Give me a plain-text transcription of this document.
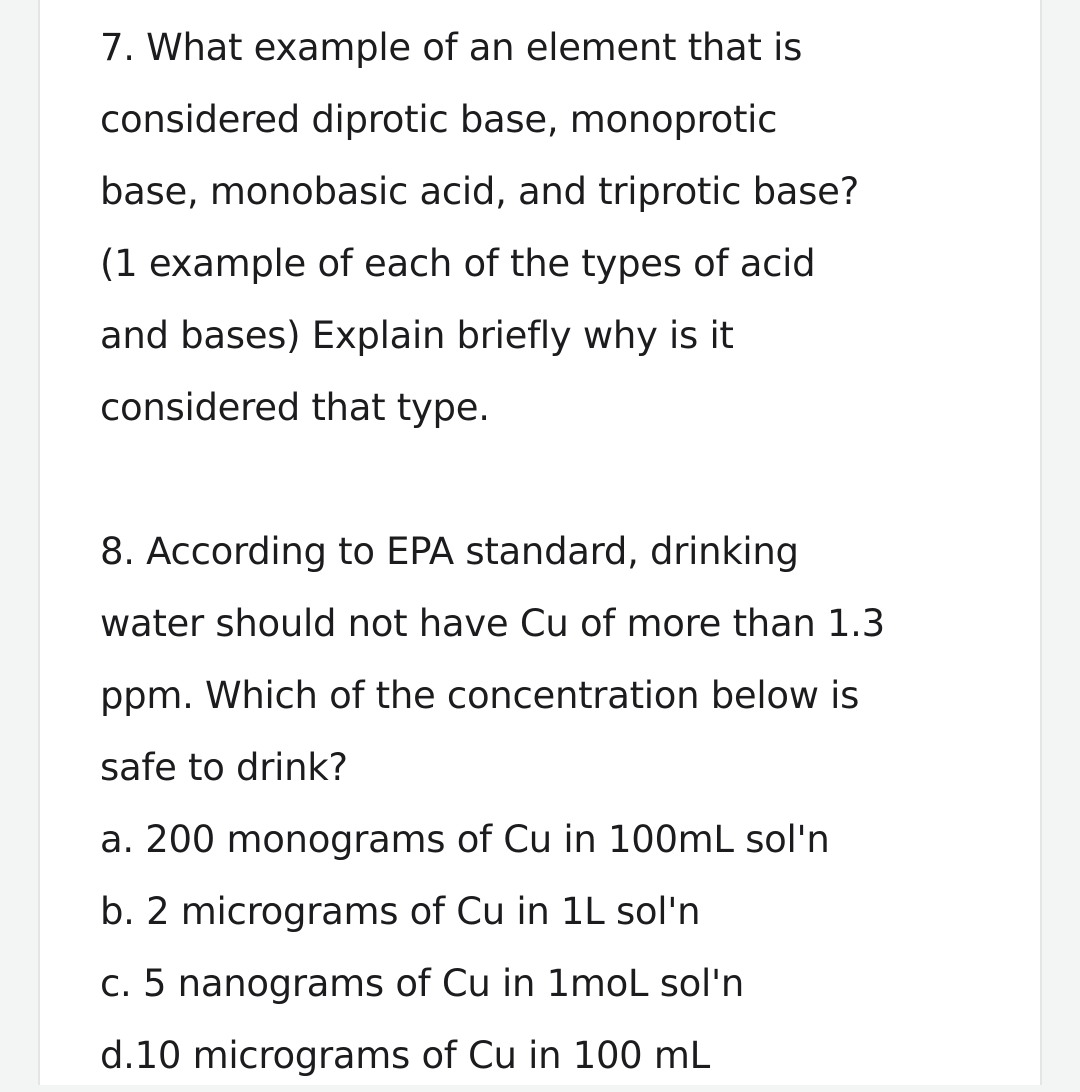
7. What example of an element that is
considered diprotic base, monoprotic
base, monobasic acid, and triprotic base?
(1 example of each of the types of acid
and bases) Explain briefly why is it
considered that type.
8. According to EPA standard, drinking
water should not have Cu of more than 1.3
ppm. Which of the concentration below is
safe to drink?
a. 200 monograms of Cu in 100mL sol'n
b. 2 micrograms of Cu in 1L sol'n
c. 5 nanograms of Cu in 1moL sol'n
d.10 micrograms of Cu in 100 mL
